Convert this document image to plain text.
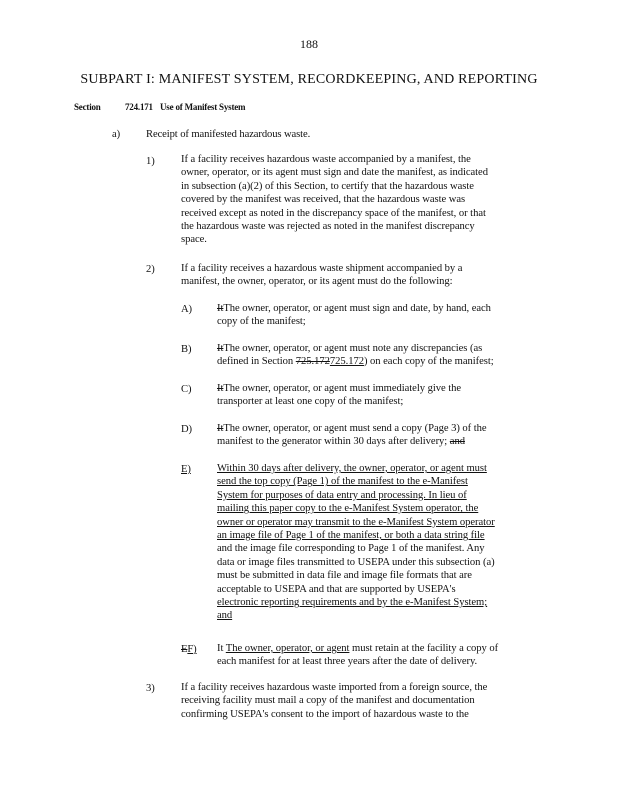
188
SUBPART I: MANIFEST SYSTEM, RECORDKEEPING, AND REPORTING
Section	724.171 Use of Manifest System
a) Receipt of manifested hazardous waste.
1) If a facility receives hazardous waste accompanied by a manifest, the
owner, operator, or its agent must sign and date the manifest, as indicated
in subsection (a)(2) of this Section, to certify that the hazardous waste
covered by the manifest was received, that the hazardous waste was
received except as noted in the discrepancy space of the manifest, or that
the hazardous waste was rejected as noted in the manifest discrepancy
space.
2) If a facility receives a hazardous waste shipment accompanied by a
manifest, the owner, operator, or its agent must do the following:
A) ItThe owner, operator, or agent must sign and date, by hand, each
copy of the manifest;
B) ItThe owner, operator, or agent must note any discrepancies (as
defined in Section 725.172725.172) on each copy of the manifest;
C) ItThe owner, operator, or agent must immediately give the
transporter at least one copy of the manifest;
D) ItThe owner, operator, or agent must send a copy (Page 3) of the
manifest to the generator within 30 days after delivery; and
E) Within 30 days after delivery, the owner, operator, or agent must
send the top copy (Page 1) of the manifest to the e-Manifest
System for purposes of data entry and processing. In lieu of
mailing this paper copy to the e-Manifest System operator, the
owner or operator may transmit to the e-Manifest System operator
an image file of Page 1 of the manifest, or both a data string file
and the image file corresponding to Page 1 of the manifest. Any
data or image files transmitted to USEPA under this subsection (a)
must be submitted in data file and image file formats that are
acceptable to USEPA and that are supported by USEPA's
electronic reporting requirements and by the e-Manifest System;
and
EF) It The owner, operator, or agent must retain at the facility a copy of
each manifest for at least three years after the date of delivery.
3) If a facility receives hazardous waste imported from a foreign source, the
receiving facility must mail a copy of the manifest and documentation
confirming USEPA's consent to the import of hazardous waste to the
